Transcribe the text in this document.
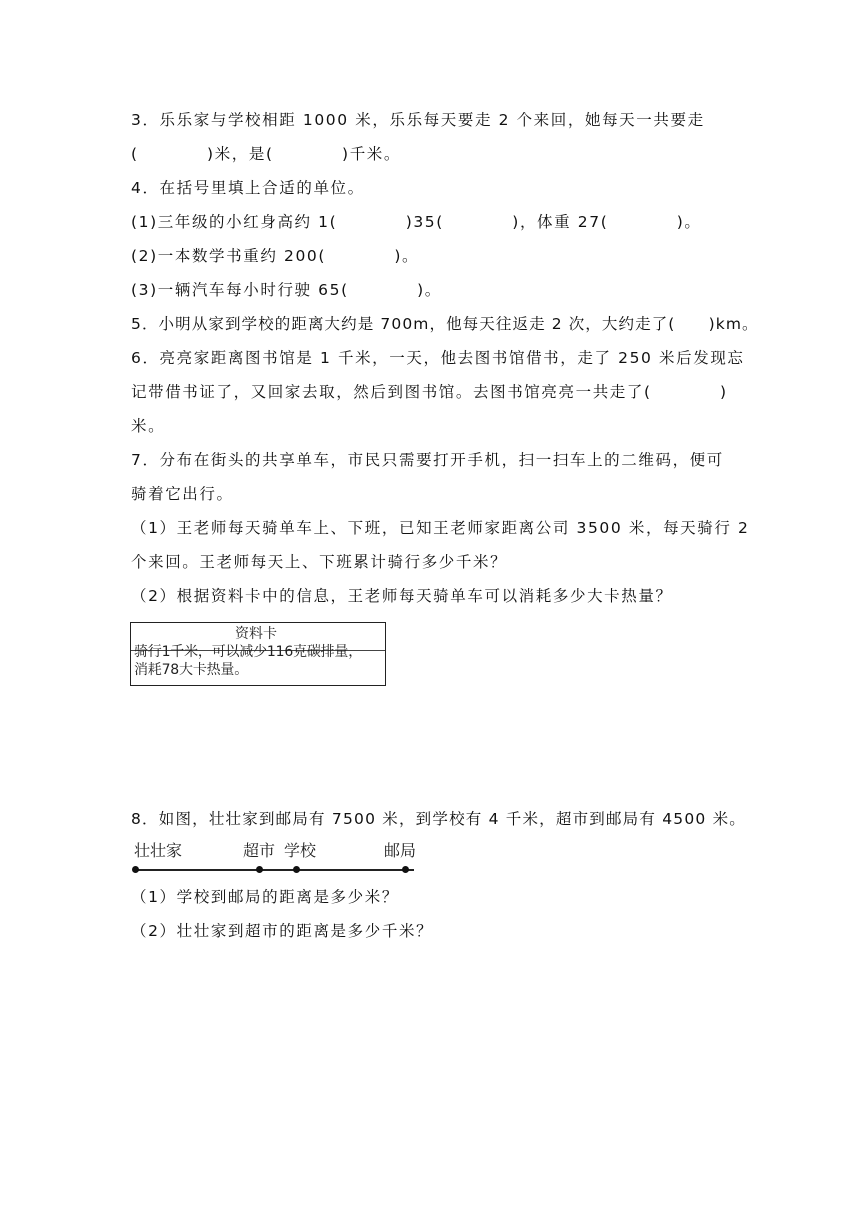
3．乐乐家与学校相距 1000 米，乐乐每天要走 2 个来回，她每天一共要走
(　　　　)米，是(　　　　)千米。
4．在括号里填上合适的单位。
(1)三年级的小红身高约 1(　　　　)35(　　　　)，体重 27(　　　　)。
(2)一本数学书重约 200(　　　　)。
(3)一辆汽车每小时行驶 65(　　　　)。
5．小明从家到学校的距离大约是 700m，他每天往返走 2 次，大约走了(　　)km。
6．亮亮家距离图书馆是 1 千米，一天，他去图书馆借书，走了 250 米后发现忘
记带借书证了，又回家去取，然后到图书馆。去图书馆亮亮一共走了(　　　　)
米。
7．分布在街头的共享单车，市民只需要打开手机，扫一扫车上的二维码，便可
骑着它出行。
（1）王老师每天骑单车上、下班，已知王老师家距离公司 3500 米，每天骑行 2
个来回。王老师每天上、下班累计骑行多少千米？
（2）根据资料卡中的信息，王老师每天骑单车可以消耗多少大卡热量？
资料卡
骑行1千米，可以减少116克碳排量，
消耗78大卡热量。
8．如图，壮壮家到邮局有 7500 米，到学校有 4 千米，超市到邮局有 4500 米。
壮壮家	超市 学校	邮局
（1）学校到邮局的距离是多少米？
（2）壮壮家到超市的距离是多少千米？
